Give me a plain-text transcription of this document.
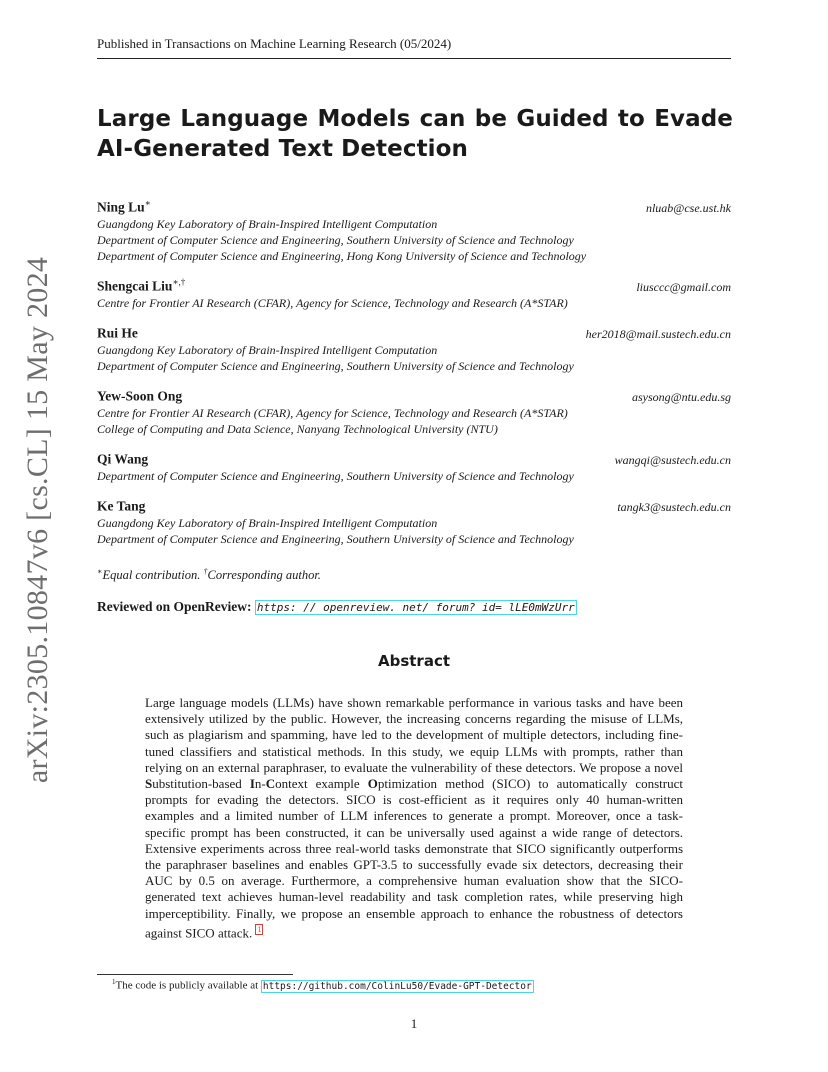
Published in Transactions on Machine Learning Research (05/2024)
arXiv:2305.10847v6 [cs.CL] 15 May 2024
Large Language Models can be Guided to Evade AI-Generated Text Detection
Ning Lu∗	nluab@cse.ust.hk
Guangdong Key Laboratory of Brain-Inspired Intelligent Computation
Department of Computer Science and Engineering, Southern University of Science and Technology
Department of Computer Science and Engineering, Hong Kong University of Science and Technology
Shengcai Liu∗,†	liusccc@gmail.com
Centre for Frontier AI Research (CFAR), Agency for Science, Technology and Research (A*STAR)
Rui He	her2018@mail.sustech.edu.cn
Guangdong Key Laboratory of Brain-Inspired Intelligent Computation
Department of Computer Science and Engineering, Southern University of Science and Technology
Yew-Soon Ong	asysong@ntu.edu.sg
Centre for Frontier AI Research (CFAR), Agency for Science, Technology and Research (A*STAR)
College of Computing and Data Science, Nanyang Technological University (NTU)
Qi Wang	wangqi@sustech.edu.cn
Department of Computer Science and Engineering, Southern University of Science and Technology
Ke Tang	tangk3@sustech.edu.cn
Guangdong Key Laboratory of Brain-Inspired Intelligent Computation
Department of Computer Science and Engineering, Southern University of Science and Technology
∗Equal contribution. †Corresponding author.
Reviewed on OpenReview: https: // openreview. net/ forum? id= lLE0mWzUrr
Abstract
Large language models (LLMs) have shown remarkable performance in various tasks and have been extensively utilized by the public. However, the increasing concerns regarding the misuse of LLMs, such as plagiarism and spamming, have led to the development of multiple detectors, including fine-tuned classifiers and statistical methods. In this study, we equip LLMs with prompts, rather than relying on an external paraphraser, to evaluate the vulnerability of these detectors. We propose a novel Substitution-based In-Context example Optimization method (SICO) to automatically construct prompts for evading the detectors. SICO is cost-efficient as it requires only 40 human-written examples and a limited number of LLM inferences to generate a prompt. Moreover, once a task-specific prompt has been constructed, it can be universally used against a wide range of detectors. Extensive experiments across three real-world tasks demonstrate that SICO significantly outperforms the paraphraser baselines and enables GPT-3.5 to successfully evade six detectors, decreasing their AUC by 0.5 on average. Furthermore, a comprehensive human evaluation show that the SICO-generated text achieves human-level readability and task completion rates, while preserving high imperceptibility. Finally, we propose an ensemble approach to enhance the robustness of detectors against SICO attack. $^1$
$^1$The code is publicly available at https://github.com/ColinLu50/Evade-GPT-Detector
1
